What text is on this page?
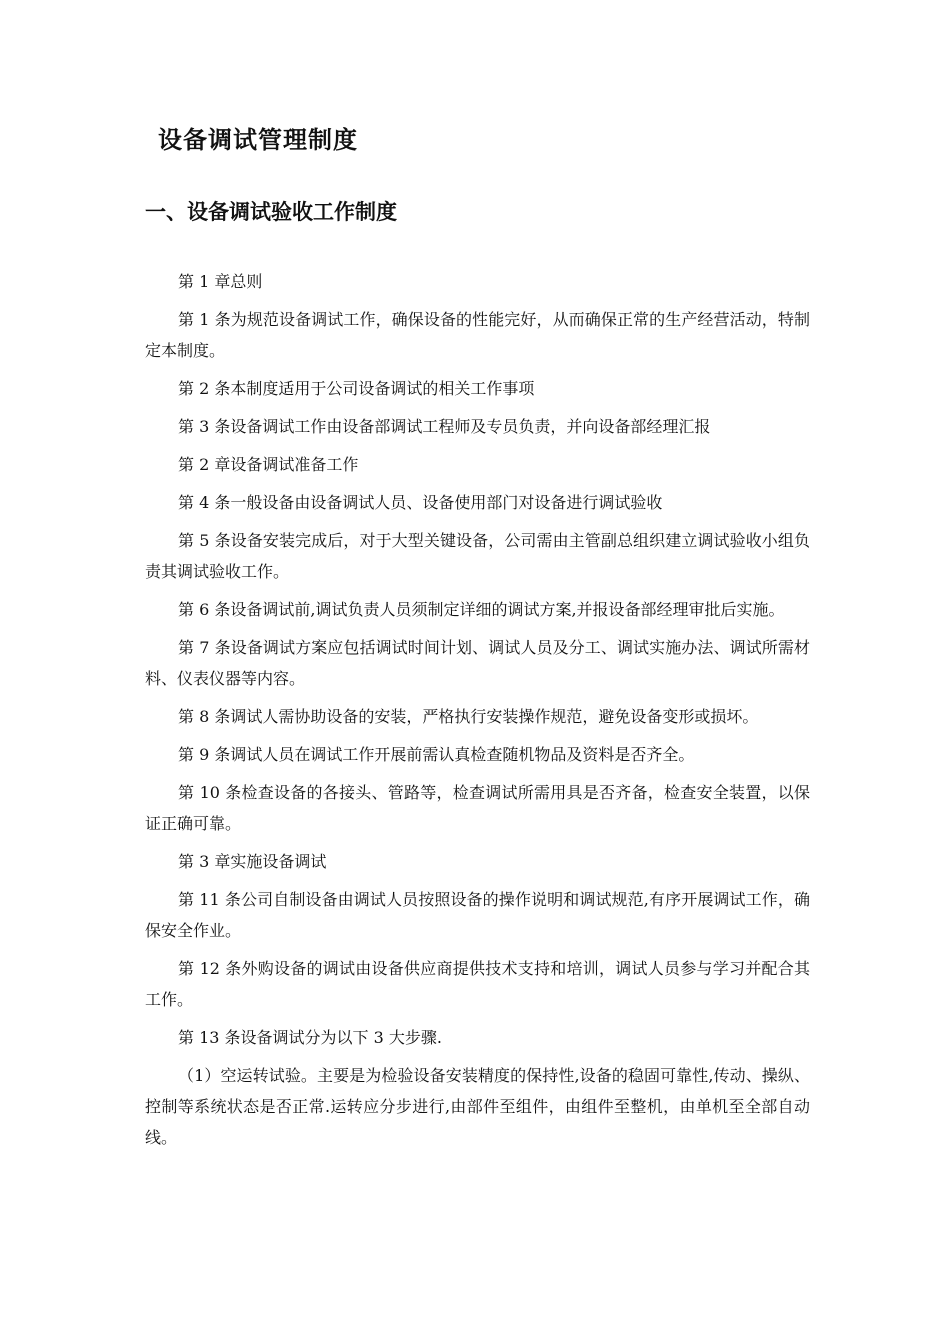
设备调试管理制度
一、设备调试验收工作制度

第 1 章总则

第 1 条为规范设备调试工作，确保设备的性能完好，从而确保正常的生产经营活动，特制定本制度。

第 2 条本制度适用于公司设备调试的相关工作事项

第 3 条设备调试工作由设备部调试工程师及专员负责，并向设备部经理汇报

第 2 章设备调试准备工作

第 4 条一般设备由设备调试人员、设备使用部门对设备进行调试验收

第 5 条设备安装完成后，对于大型关键设备，公司需由主管副总组织建立调试验收小组负责其调试验收工作。

第 6 条设备调试前,调试负责人员须制定详细的调试方案,并报设备部经理审批后实施。

第 7 条设备调试方案应包括调试时间计划、调试人员及分工、调试实施办法、调试所需材料、仪表仪器等内容。

第 8 条调试人需协助设备的安装，严格执行安装操作规范，避免设备变形或损坏。

第 9 条调试人员在调试工作开展前需认真检查随机物品及资料是否齐全。

第 10 条检查设备的各接头、管路等，检查调试所需用具是否齐备，检查安全装置，以保证正确可靠。

第 3 章实施设备调试

第 11 条公司自制设备由调试人员按照设备的操作说明和调试规范,有序开展调试工作，确保安全作业。

第 12 条外购设备的调试由设备供应商提供技术支持和培训，调试人员参与学习并配合其工作。

第 13 条设备调试分为以下 3 大步骤.

（1）空运转试验。主要是为检验设备安装精度的保持性,设备的稳固可靠性,传动、操纵、控制等系统状态是否正常.运转应分步进行,由部件至组件，由组件至整机，由单机至全部自动线。
